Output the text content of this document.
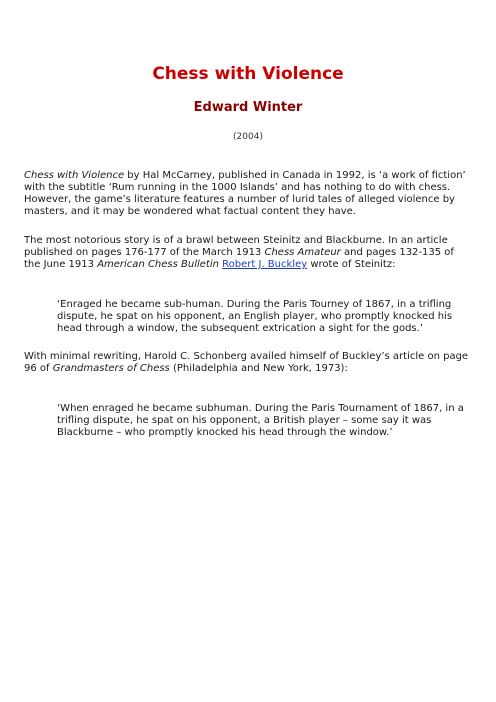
Chess with Violence
Edward Winter
(2004)

Chess with Violence by Hal McCarney, published in Canada in 1992, is ‘a work of fiction’ with the subtitle ‘Rum running in the 1000 Islands’ and has nothing to do with chess. However, the game’s literature features a number of lurid tales of alleged violence by masters, and it may be wondered what factual content they have.

The most notorious story is of a brawl between Steinitz and Blackburne. In an article published on pages 176-177 of the March 1913 Chess Amateur and pages 132-135 of the June 1913 American Chess Bulletin Robert J. Buckley wrote of Steinitz:

‘Enraged he became sub-human. During the Paris Tourney of 1867, in a trifling dispute, he spat on his opponent, an English player, who promptly knocked his head through a window, the subsequent extrication a sight for the gods.’

With minimal rewriting, Harold C. Schonberg availed himself of Buckley’s article on page 96 of Grandmasters of Chess (Philadelphia and New York, 1973):

‘When enraged he became subhuman. During the Paris Tournament of 1867, in a trifling dispute, he spat on his opponent, a British player – some say it was Blackburne – who promptly knocked his head through the window.’
